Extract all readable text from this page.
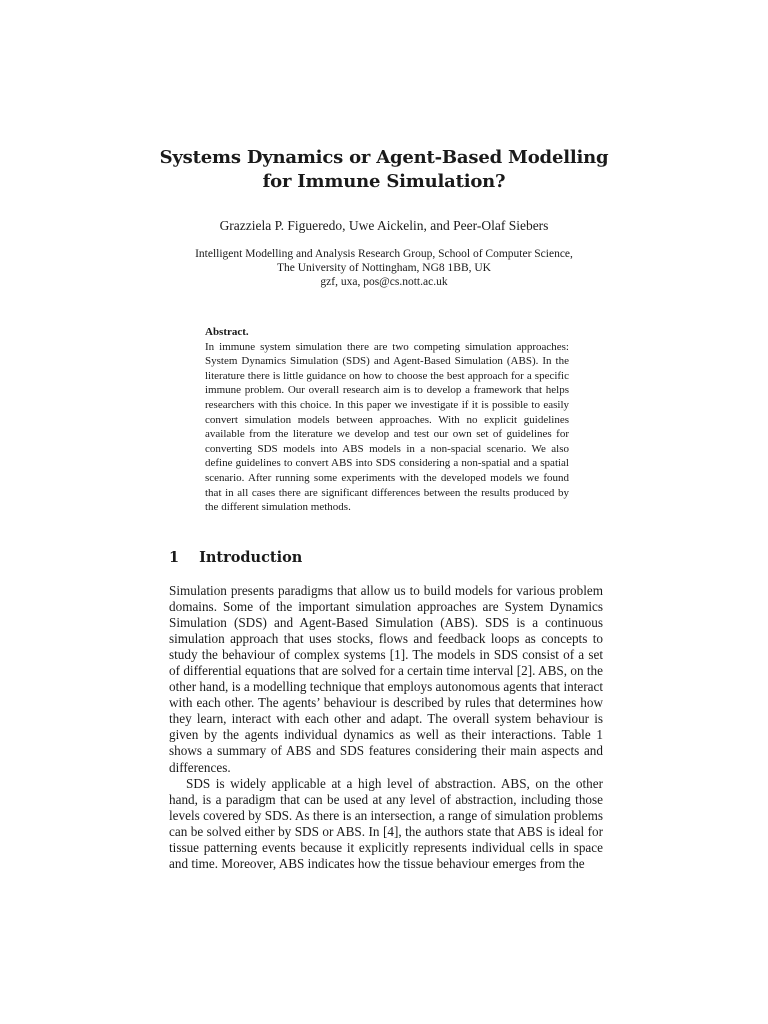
Systems Dynamics or Agent-Based Modelling
for Immune Simulation?
Grazziela P. Figueredo, Uwe Aickelin, and Peer-Olaf Siebers
Intelligent Modelling and Analysis Research Group, School of Computer Science,
The University of Nottingham, NG8 1BB, UK
gzf, uxa, pos@cs.nott.ac.uk
Abstract.
In immune system simulation there are two competing simulation approaches: System Dynamics Simulation (SDS) and Agent-Based Simulation (ABS). In the literature there is little guidance on how to choose the best approach for a specific immune problem. Our overall research aim is to develop a framework that helps researchers with this choice. In this paper we investigate if it is possible to easily convert simulation models between approaches. With no explicit guidelines available from the literature we develop and test our own set of guidelines for converting SDS models into ABS models in a non-spacial scenario. We also define guidelines to convert ABS into SDS considering a non-spatial and a spatial scenario. After running some experiments with the developed models we found that in all cases there are significant differences between the results produced by the different simulation methods.
1 Introduction

Simulation presents paradigms that allow us to build models for various problem domains. Some of the important simulation approaches are System Dynamics Simulation (SDS) and Agent-Based Simulation (ABS). SDS is a continuous simulation approach that uses stocks, flows and feedback loops as concepts to study the behaviour of complex systems [1]. The models in SDS consist of a set of differential equations that are solved for a certain time interval [2]. ABS, on the other hand, is a modelling technique that employs autonomous agents that interact with each other. The agents’ behaviour is described by rules that determines how they learn, interact with each other and adapt. The overall system behaviour is given by the agents individual dynamics as well as their interactions. Table 1 shows a summary of ABS and SDS features considering their main aspects and differences.

SDS is widely applicable at a high level of abstraction. ABS, on the other hand, is a paradigm that can be used at any level of abstraction, including those levels covered by SDS. As there is an intersection, a range of simulation problems can be solved either by SDS or ABS. In [4], the authors state that ABS is ideal for tissue patterning events because it explicitly represents individual cells in space and time. Moreover, ABS indicates how the tissue behaviour emerges from the
